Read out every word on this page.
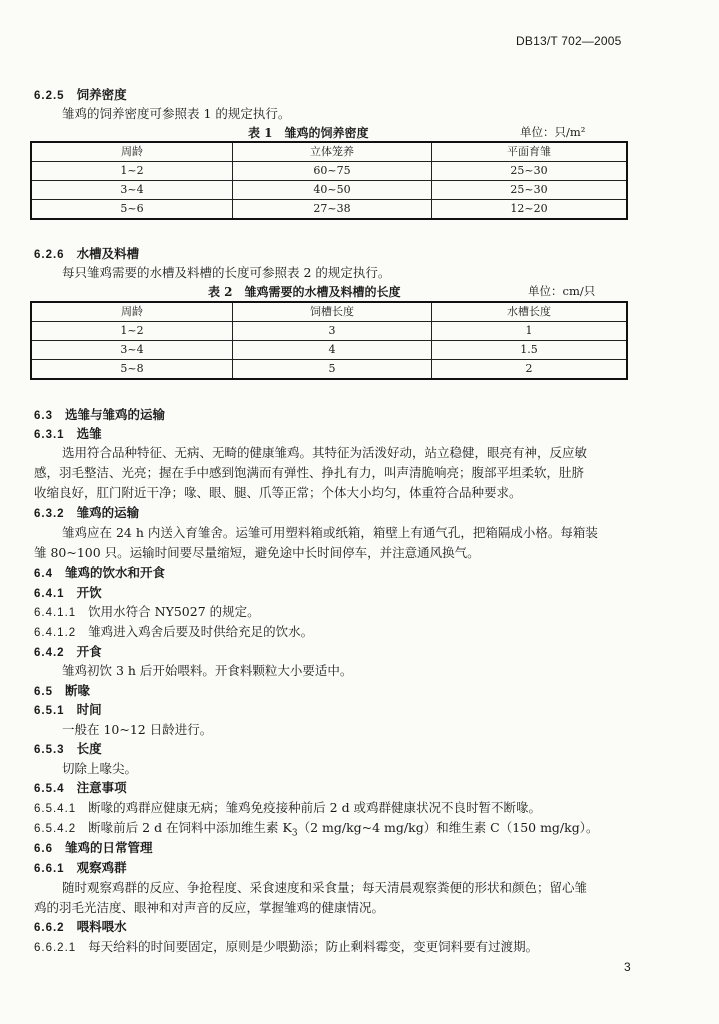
DB13/T 702—2005
6.2.5 饲养密度
雏鸡的饲养密度可参照表 1 的规定执行。
表 1　雏鸡的饲养密度	单位：只/m²
周龄	立体笼养	平面育雏
1~2	60~75	25~30
3~4	40~50	25~30
5~6	27~38	12~20
6.2.6 水槽及料槽
每只雏鸡需要的水槽及料槽的长度可参照表 2 的规定执行。
表 2　雏鸡需要的水槽及料槽的长度	单位：cm/只
周龄	饲槽长度	水槽长度
1~2	3	1
3~4	4	1.5
5~8	5	2
6.3 选雏与雏鸡的运输
6.3.1 选雏
选用符合品种特征、无病、无畸的健康雏鸡。其特征为活泼好动，站立稳健，眼亮有神，反应敏
感，羽毛整洁、光亮；握在手中感到饱满而有弹性、挣扎有力，叫声清脆响亮；腹部平坦柔软，肚脐
收缩良好，肛门附近干净；喙、眼、腿、爪等正常；个体大小均匀，体重符合品种要求。
6.3.2 雏鸡的运输
雏鸡应在 24 h 内送入育雏舍。运雏可用塑料箱或纸箱，箱壁上有通气孔，把箱隔成小格。每箱装
雏 80~100 只。运输时间要尽量缩短，避免途中长时间停车，并注意通风换气。
6.4 雏鸡的饮水和开食
6.4.1 开饮
6.4.1.1 饮用水符合 NY5027 的规定。
6.4.1.2 雏鸡进入鸡舍后要及时供给充足的饮水。
6.4.2 开食
雏鸡初饮 3 h 后开始喂料。开食料颗粒大小要适中。
6.5 断喙
6.5.1 时间
一般在 10~12 日龄进行。
6.5.3 长度
切除上喙尖。
6.5.4 注意事项
6.5.4.1 断喙的鸡群应健康无病；雏鸡免疫接种前后 2 d 或鸡群健康状况不良时暂不断喙。
6.5.4.2 断喙前后 2 d 在饲料中添加维生素 $K_3(2$ mg/kg~4 mg/kg）和维生素 C（150 mg/kg）。
6.6 雏鸡的日常管理
6.6.1 观察鸡群
随时观察鸡群的反应、争抢程度、采食速度和采食量；每天清晨观察粪便的形状和颜色；留心雏
鸡的羽毛光洁度、眼神和对声音的反应，掌握雏鸡的健康情况。
6.6.2 喂料喂水
6.6.2.1 每天给料的时间要固定，原则是少喂勤添；防止剩料霉变，变更饲料要有过渡期。
3
